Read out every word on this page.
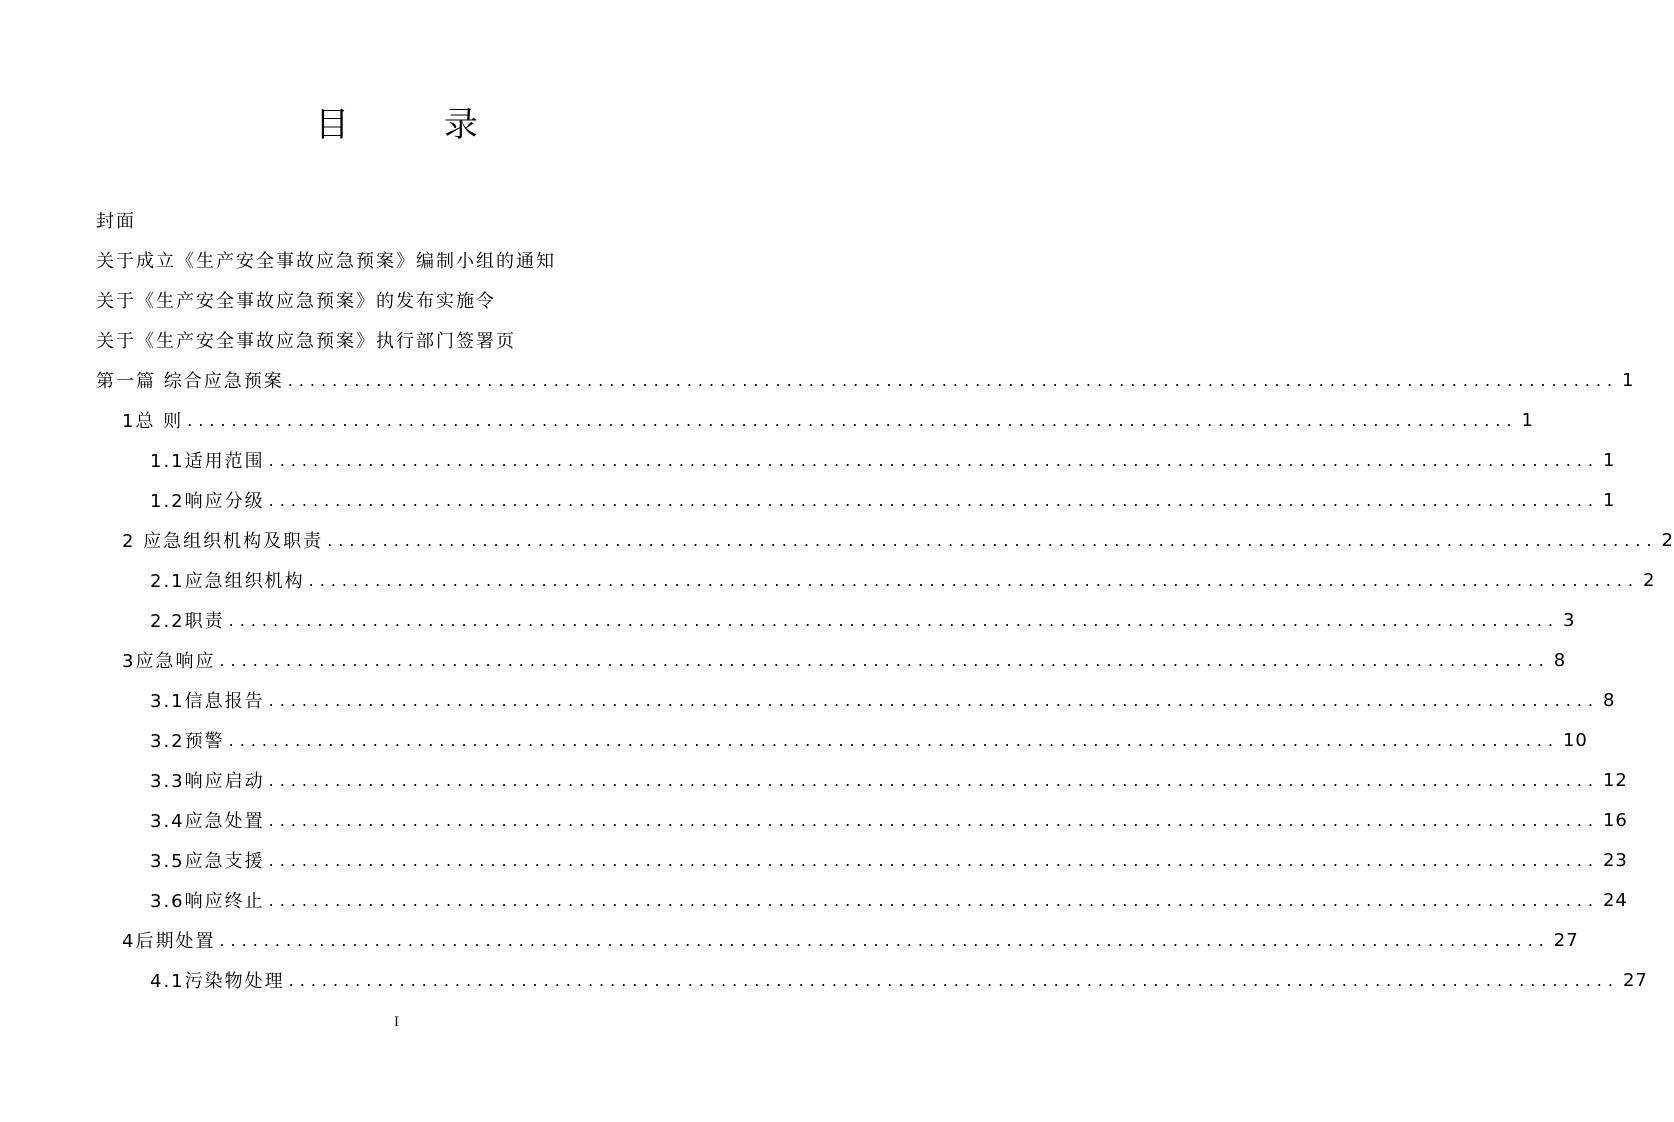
目 录
封面
关于成立《生产安全事故应急预案》编制小组的通知
关于《生产安全事故应急预案》的发布实施令
关于《生产安全事故应急预案》执行部门签署页
第一篇 综合应急预案 ........................................................................................................................ 1
1总 则 ........................................................................................................................ 1
1.1适用范围 ........................................................................................................................ 1
1.2响应分级 ........................................................................................................................ 1
2 应急组织机构及职责 ........................................................................................................................ 2
2.1应急组织机构 ........................................................................................................................ 2
2.2职责 ........................................................................................................................ 3
3应急响应 ........................................................................................................................ 8
3.1信息报告 ........................................................................................................................ 8
3.2预警 ........................................................................................................................ 10
3.3响应启动 ........................................................................................................................ 12
3.4应急处置 ........................................................................................................................ 16
3.5应急支援 ........................................................................................................................ 23
3.6响应终止 ........................................................................................................................ 24
4后期处置 ........................................................................................................................ 27
4.1污染物处理 ........................................................................................................................ 27
I
